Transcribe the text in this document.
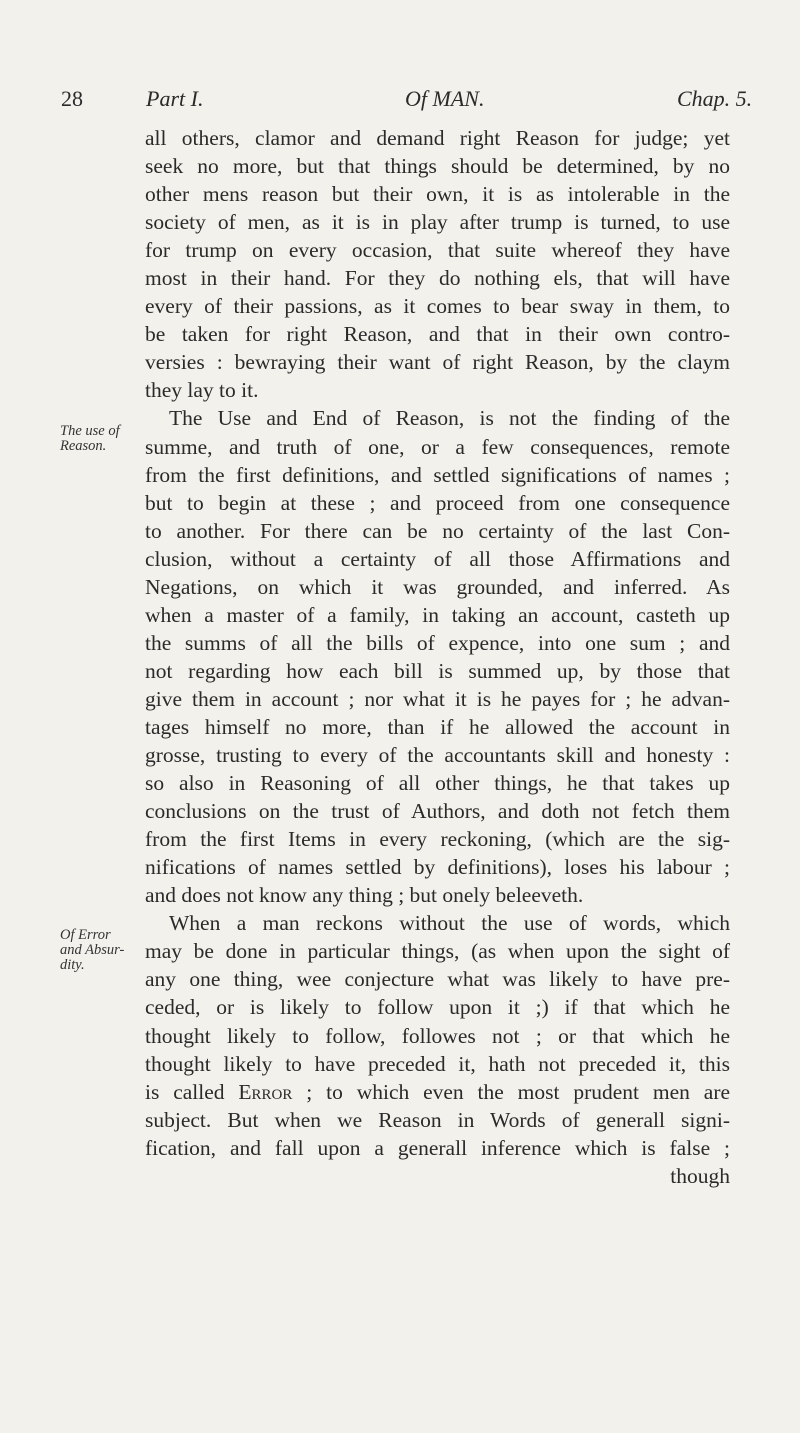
28	Part I.	Of MAN.	Chap. 5.
The use of
Reason.
Of Error
and Absur-
dity.
all others, clamor and demand right Reason for judge; yet
seek no more, but that things should be determined, by no
other mens reason but their own, it is as intolerable in the
society of men, as it is in play after trump is turned, to use
for trump on every occasion, that suite whereof they have
most in their hand. For they do nothing els, that will have
every of their passions, as it comes to bear sway in them, to
be taken for right Reason, and that in their own contro-
versies : bewraying their want of right Reason, by the claym
they lay to it.
The Use and End of Reason, is not the finding of the
summe, and truth of one, or a few consequences, remote
from the first definitions, and settled significations of names ;
but to begin at these ; and proceed from one consequence
to another. For there can be no certainty of the last Con-
clusion, without a certainty of all those Affirmations and
Negations, on which it was grounded, and inferred. As
when a master of a family, in taking an account, casteth up
the summs of all the bills of expence, into one sum ; and
not regarding how each bill is summed up, by those that
give them in account ; nor what it is he payes for ; he advan-
tages himself no more, than if he allowed the account in
grosse, trusting to every of the accountants skill and honesty :
so also in Reasoning of all other things, he that takes up
conclusions on the trust of Authors, and doth not fetch them
from the first Items in every reckoning, (which are the sig-
nifications of names settled by definitions), loses his labour ;
and does not know any thing ; but onely beleeveth.
When a man reckons without the use of words, which
may be done in particular things, (as when upon the sight of
any one thing, wee conjecture what was likely to have pre-
ceded, or is likely to follow upon it ;) if that which he
thought likely to follow, followes not ; or that which he
thought likely to have preceded it, hath not preceded it, this
is called Error ; to which even the most prudent men are
subject. But when we Reason in Words of generall signi-
fication, and fall upon a generall inference which is false ;
though
